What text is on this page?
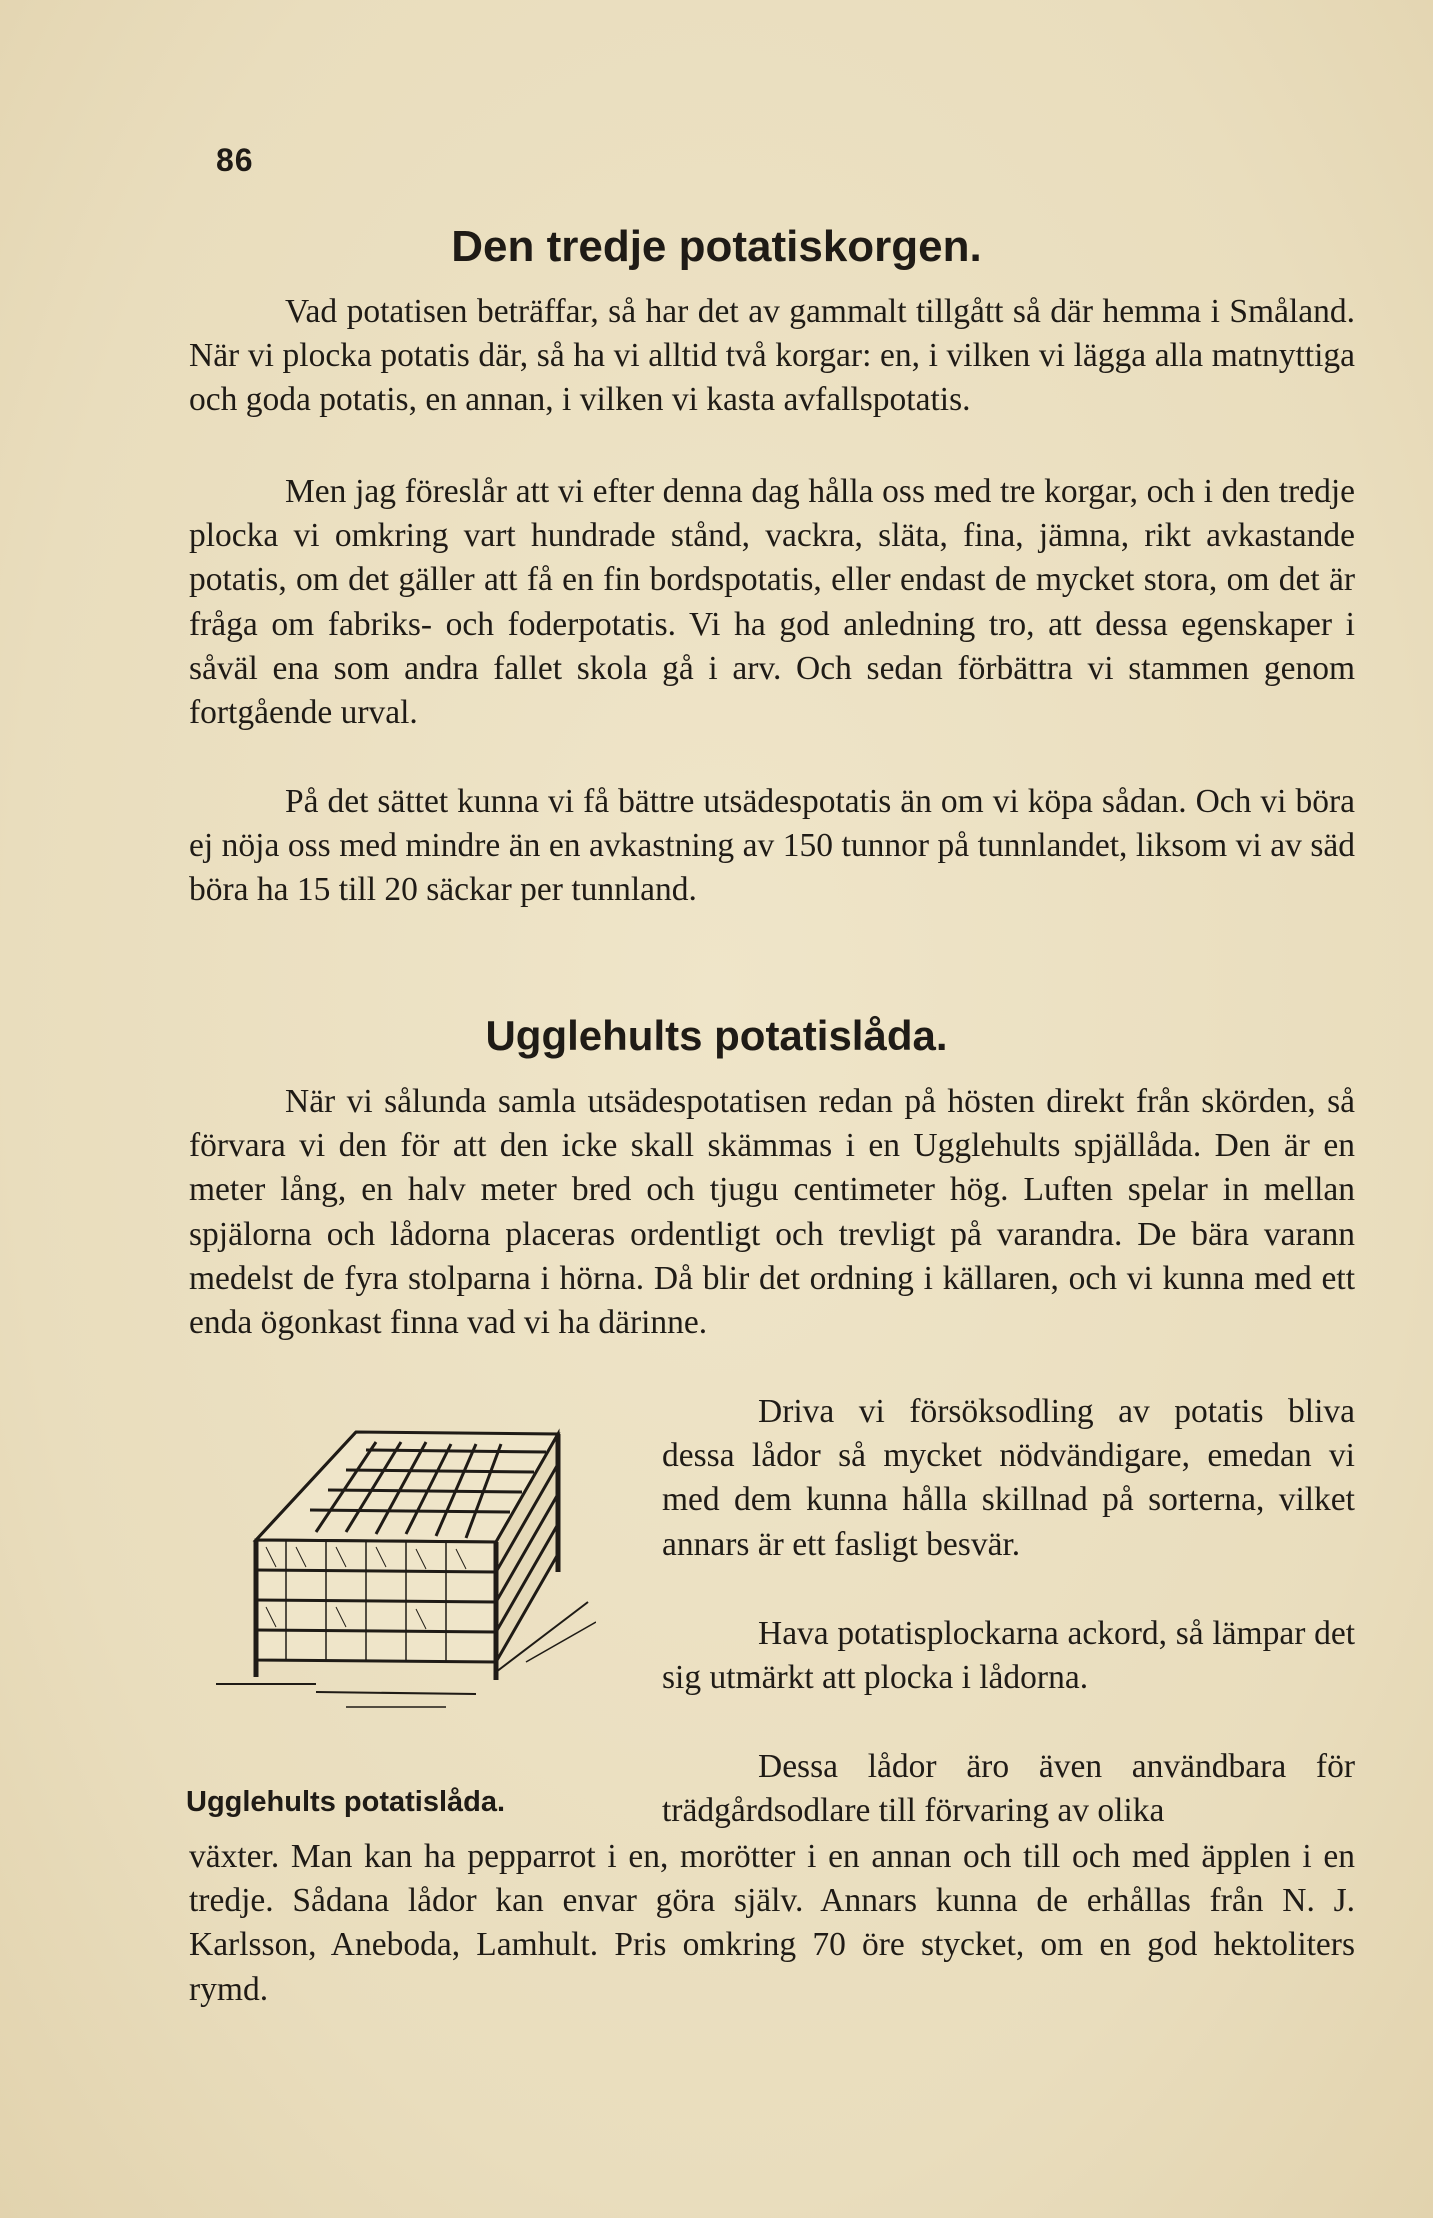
86
Den tredje potatiskorgen.

Vad potatisen beträffar, så har det av gammalt tillgått så där hemma i Småland. När vi plocka potatis där, så ha vi alltid två korgar: en, i vilken vi lägga alla matnyttiga och goda potatis, en annan, i vilken vi kasta avfallspotatis.

Men jag föreslår att vi efter denna dag hålla oss med tre korgar, och i den tredje plocka vi omkring vart hundrade stånd, vackra, släta, fina, jämna, rikt avkastande potatis, om det gäller att få en fin bordspotatis, eller endast de mycket stora, om det är fråga om fabriks- och foderpotatis. Vi ha god anledning tro, att dessa egenskaper i såväl ena som andra fallet skola gå i arv. Och sedan förbättra vi stammen genom fortgående urval.

På det sättet kunna vi få bättre utsädespotatis än om vi köpa sådan. Och vi böra ej nöja oss med mindre än en avkastning av 150 tunnor på tunnlandet, liksom vi av säd böra ha 15 till 20 säckar per tunnland.

Ugglehults potatislåda.

När vi sålunda samla utsädespotatisen redan på hösten direkt från skörden, så förvara vi den för att den icke skall skämmas i en Ugglehults spjällåda. Den är en meter lång, en halv meter bred och tjugu centimeter hög. Luften spelar in mellan spjälorna och lådorna placeras ordentligt och trevligt på varandra. De bära varann medelst de fyra stolparna i hörna. Då blir det ordning i källaren, och vi kunna med ett enda ögonkast finna vad vi ha därinne.

Driva vi försöksodling av potatis bliva dessa lådor så mycket nödvändigare, emedan vi med dem kunna hålla skillnad på sorterna, vilket annars är ett fasligt besvär.

Hava potatisplockarna ackord, så lämpar det sig utmärkt att plocka i lådorna.

Dessa lådor äro även användbara för trädgårdsodlare till förvaring av olika

växter. Man kan ha pepparrot i en, morötter i en annan och till och med äpplen i en tredje. Sådana lådor kan envar göra själv. Annars kunna de erhållas från N. J. Karlsson, Aneboda, Lamhult. Pris omkring 70 öre stycket, om en god hektoliters rymd.

Ugglehults potatislåda.
